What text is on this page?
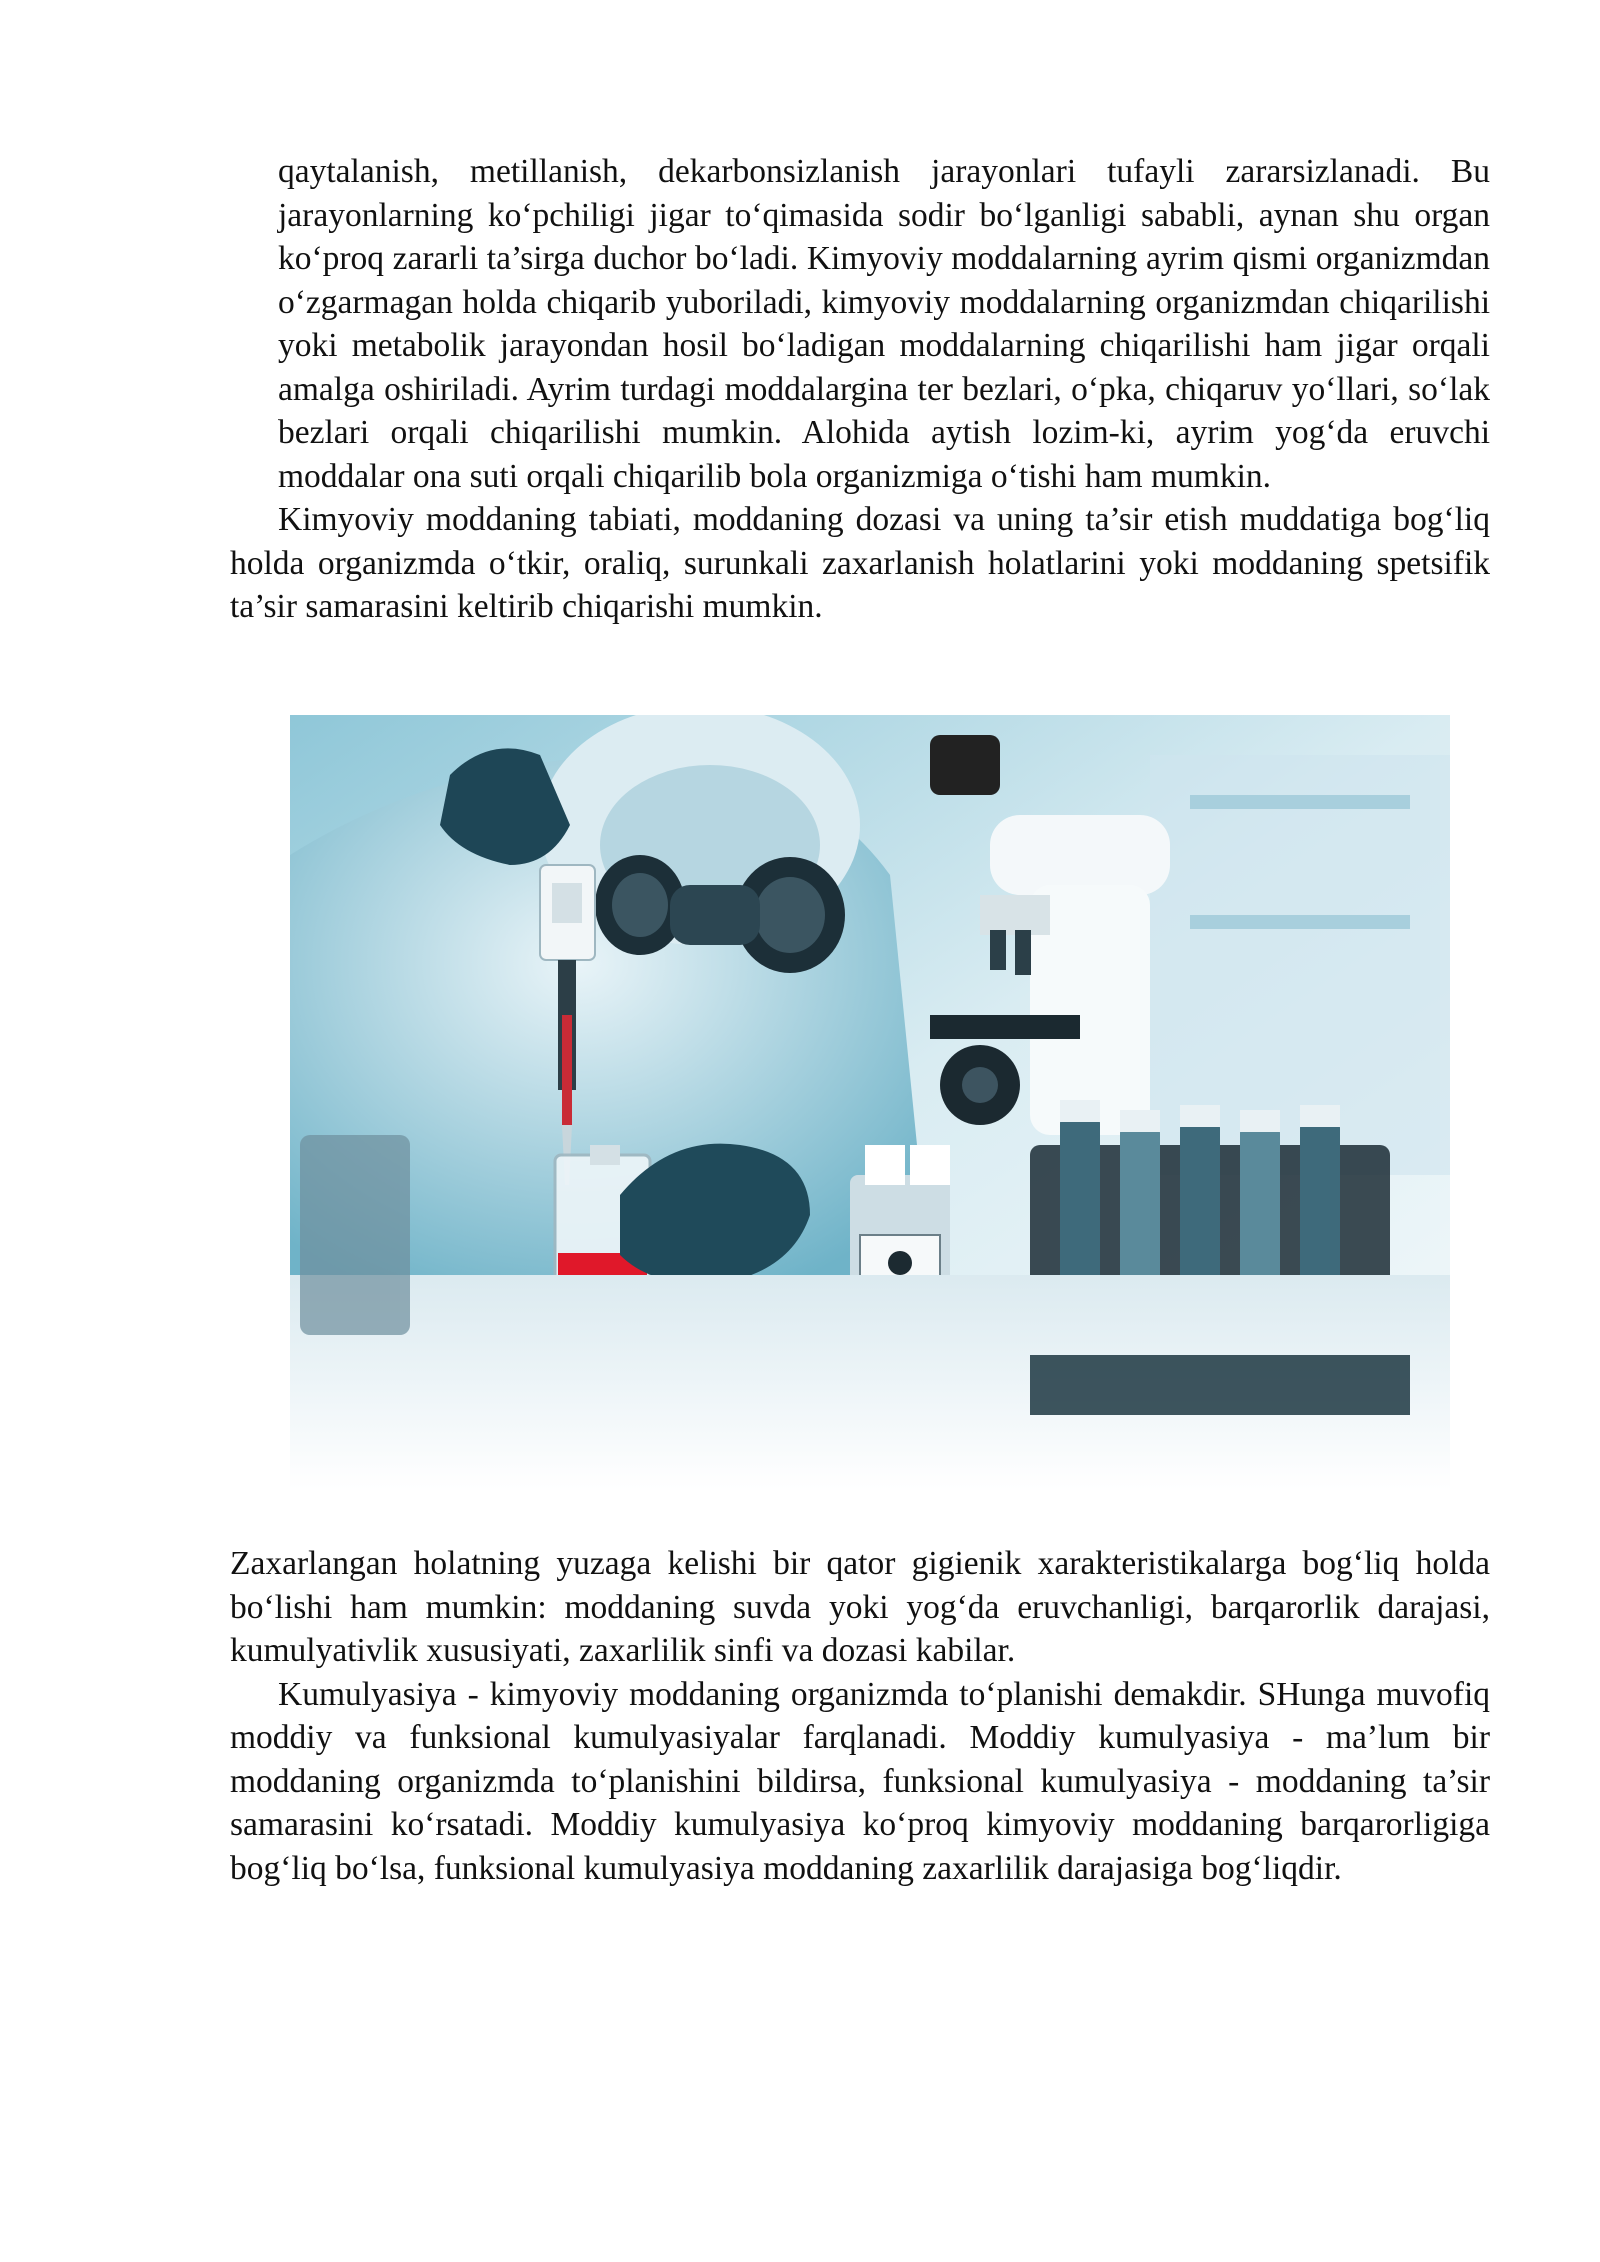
qaytalanish, metillanish, dekarbonsizlanish jarayonlari tufayli zararsizlanadi. Bu jarayonlarning ko‘pchiligi jigar to‘qimasida sodir bo‘lganligi sababli, aynan shu organ ko‘proq zararli ta’sirga duchor bo‘ladi. Kimyoviy moddalarning ayrim qismi organizmdan o‘zgarmagan holda chiqarib yuboriladi, kimyoviy moddalarning organizmdan chiqarilishi yoki metabolik jarayondan hosil bo‘ladigan moddalarning chiqarilishi ham jigar orqali amalga oshiriladi. Ayrim turdagi moddalargina ter bezlari, o‘pka, chiqaruv yo‘llari, so‘lak bezlari orqali chiqarilishi mumkin. Alohida aytish lozim-ki, ayrim yog‘da eruvchi moddalar ona suti orqali chiqarilib bola organizmiga o‘tishi ham mumkin.

Kimyoviy moddaning tabiati, moddaning dozasi va uning ta’sir etish muddatiga bog‘liq holda organizmda o‘tkir, oraliq, surunkali zaxarlanish holatlarini yoki moddaning spetsifik ta’sir samarasini keltirib chiqarishi mumkin.

Zaxarlangan holatning yuzaga kelishi bir qator gigienik xarakteristikalarga bog‘liq holda bo‘lishi ham mumkin: moddaning suvda yoki yog‘da eruvchanligi, barqarorlik darajasi, kumulyativlik xususiyati, zaxarlilik sinfi va dozasi kabilar.

Kumulyasiya - kimyoviy moddaning organizmda to‘planishi demakdir. SHunga muvofiq moddiy va funksional kumulyasiyalar farqlanadi. Moddiy kumulyasiya - ma’lum bir moddaning organizmda to‘planishini bildirsa, funksional kumulyasiya - moddaning ta’sir samarasini ko‘rsatadi. Moddiy kumulyasiya ko‘proq kimyoviy moddaning barqarorligiga bog‘liq bo‘lsa, funksional kumulyasiya moddaning zaxarlilik darajasiga bog‘liqdir.
